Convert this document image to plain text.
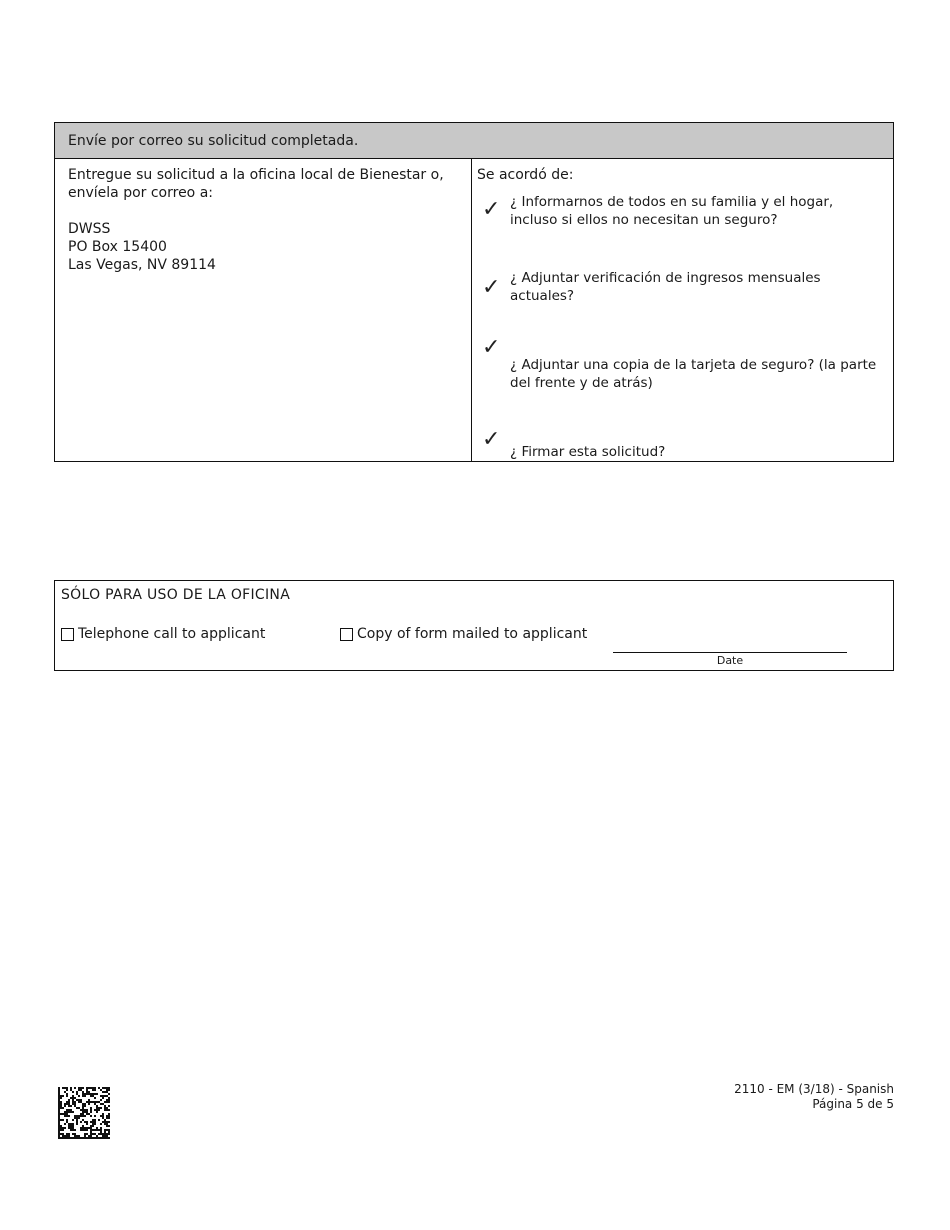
Envíe por correo su solicitud completada.
Entregue su solicitud a la oficina local de Bienestar o, envíela por correo a:
DWSS
PO Box 15400
Las Vegas, NV 89114
Se acordó de:
✓ ¿ Informarnos de todos en su familia y el hogar, incluso si ellos no necesitan un seguro?
✓ ¿ Adjuntar verificación de ingresos mensuales actuales?
✓
¿ Adjuntar una copia de la tarjeta de seguro? (la parte del frente y de atrás)
✓ ¿ Firmar esta solicitud?
SÓLO PARA USO DE LA OFICINA
Telephone call to applicant	Copy of form mailed to applicant
Date
2110 - EM (3/18) - Spanish
Página 5 de 5
